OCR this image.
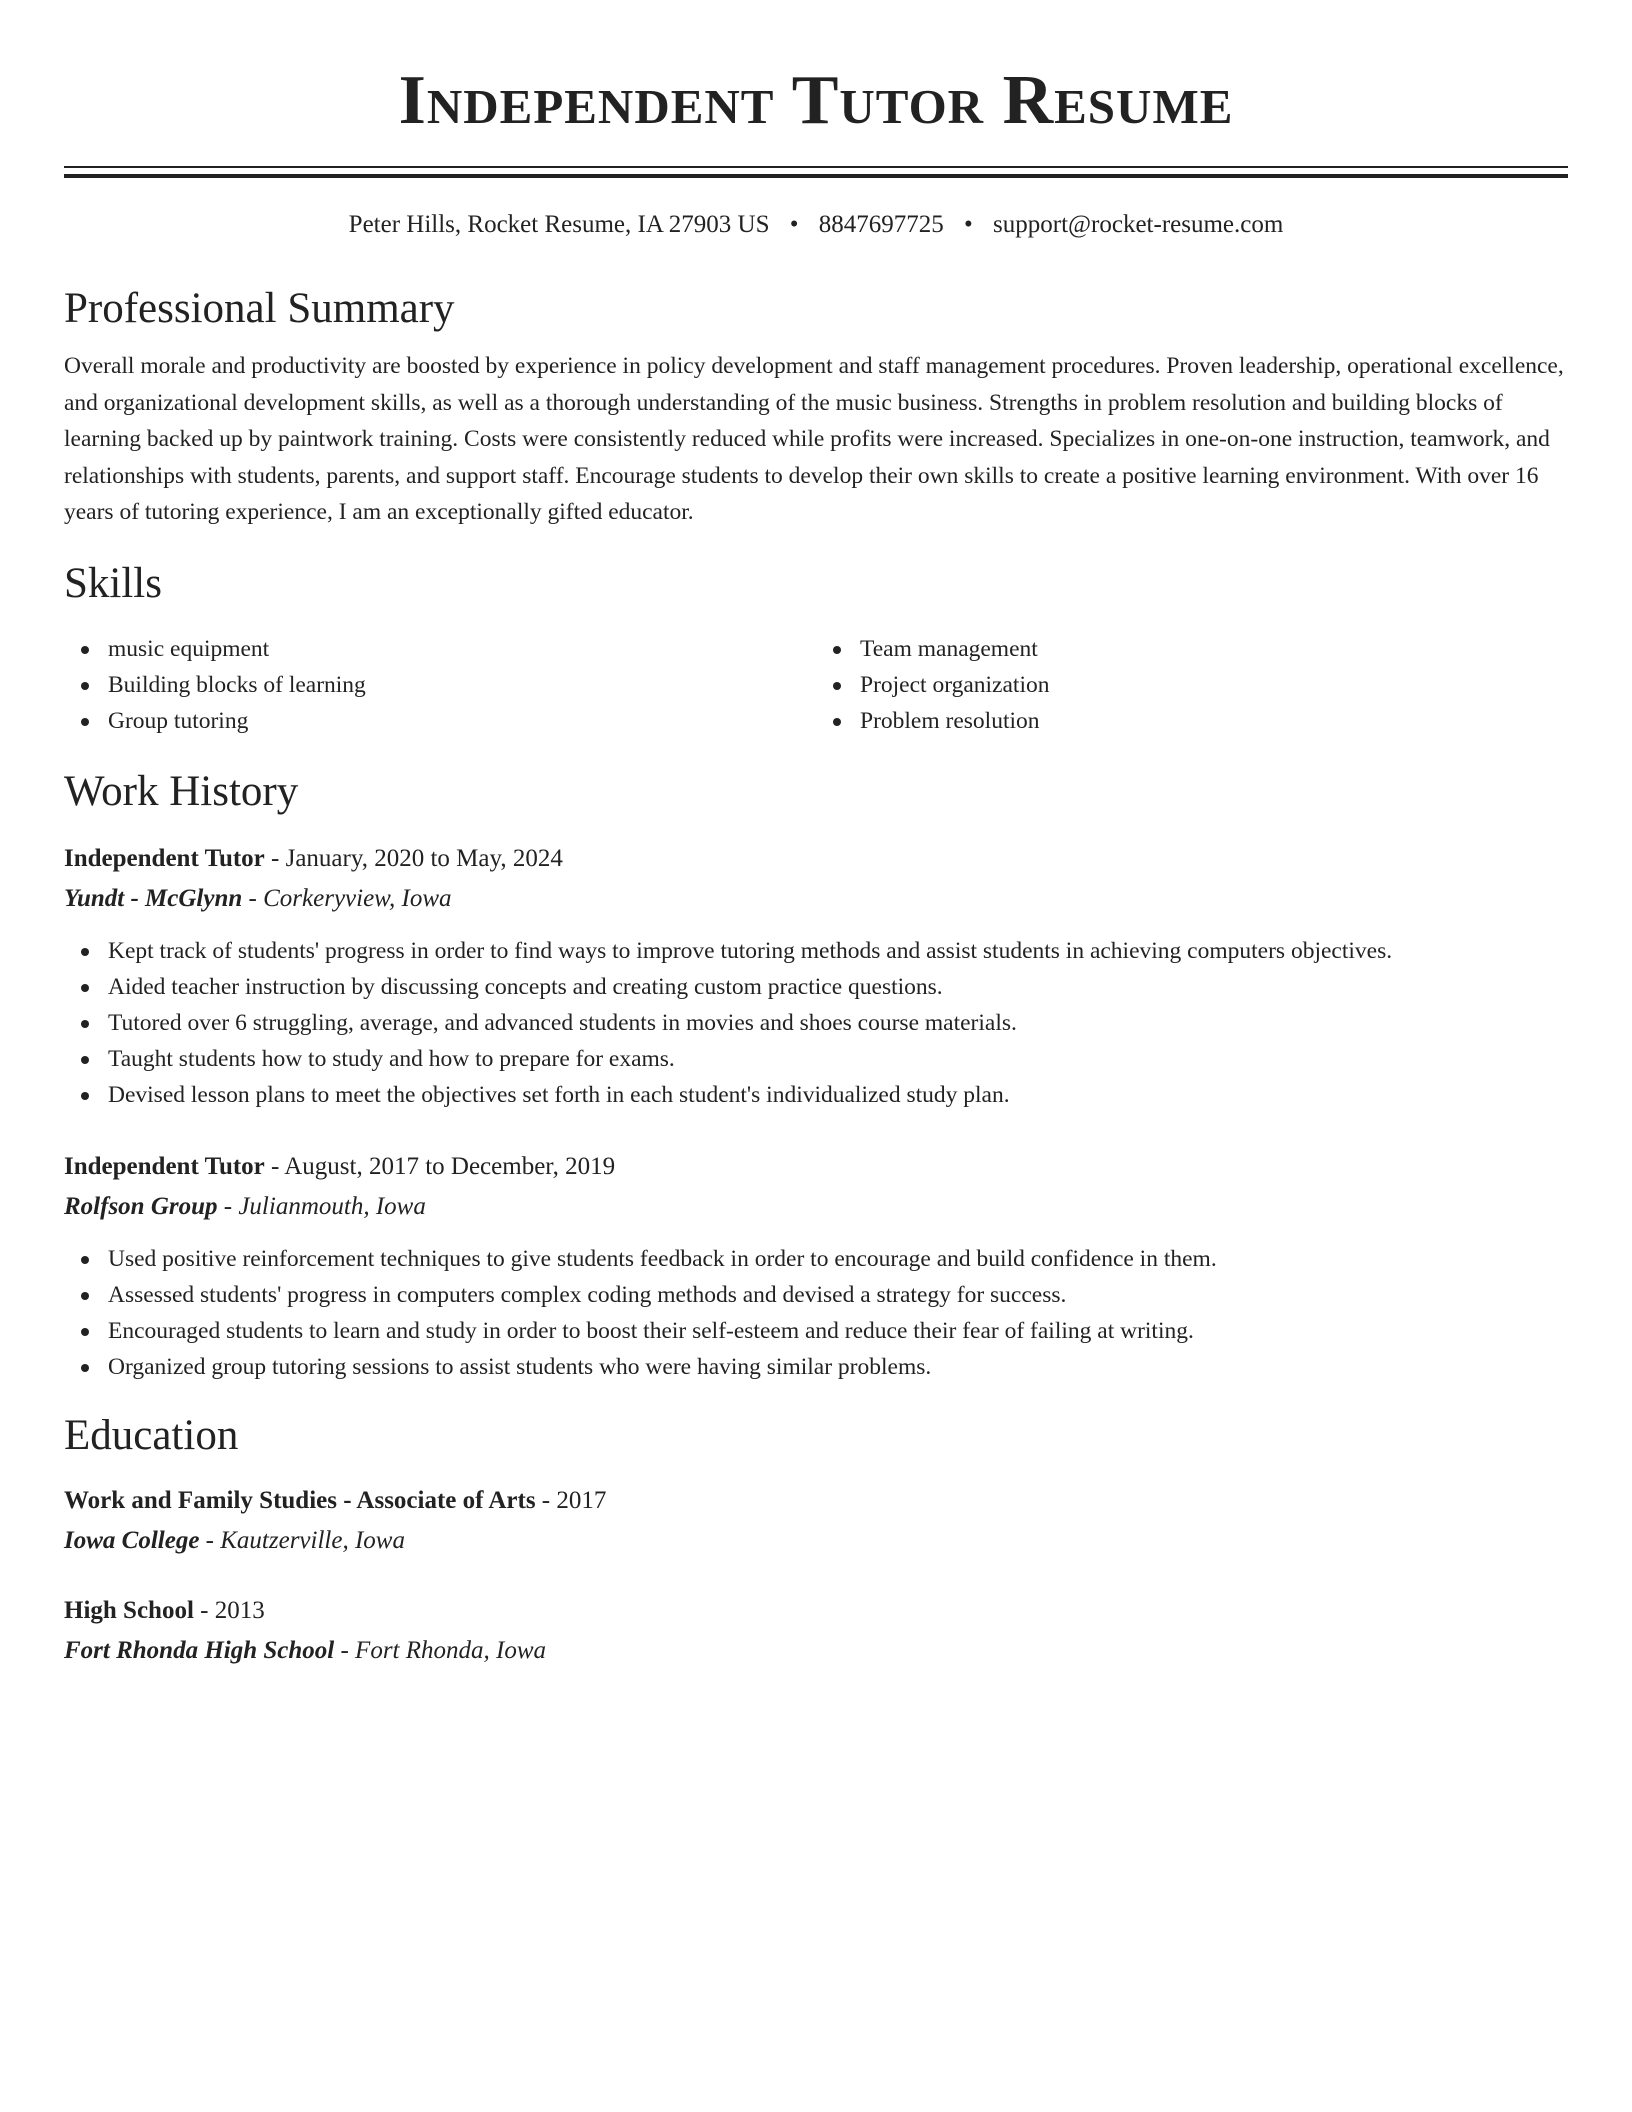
Independent Tutor Resume
Peter Hills, Rocket Resume, IA 27903 US • 8847697725 • support@rocket-resume.com
Professional Summary

Overall morale and productivity are boosted by experience in policy development and staff management procedures. Proven leadership, operational excellence, and organizational development skills, as well as a thorough understanding of the music business. Strengths in problem resolution and building blocks of learning backed up by paintwork training. Costs were consistently reduced while profits were increased. Specializes in one-on-one instruction, teamwork, and relationships with students, parents, and support staff. Encourage students to develop their own skills to create a positive learning environment. With over 16 years of tutoring experience, I am an exceptionally gifted educator.

Skills
music equipment
Building blocks of learning
Group tutoring
Team management
Project organization
Problem resolution
Work History
Independent Tutor - January, 2020 to May, 2024
Yundt - McGlynn - Corkeryview, Iowa
Kept track of students' progress in order to find ways to improve tutoring methods and assist students in achieving computers objectives.
Aided teacher instruction by discussing concepts and creating custom practice questions.
Tutored over 6 struggling, average, and advanced students in movies and shoes course materials.
Taught students how to study and how to prepare for exams.
Devised lesson plans to meet the objectives set forth in each student's individualized study plan.
Independent Tutor - August, 2017 to December, 2019
Rolfson Group - Julianmouth, Iowa
Used positive reinforcement techniques to give students feedback in order to encourage and build confidence in them.
Assessed students' progress in computers complex coding methods and devised a strategy for success.
Encouraged students to learn and study in order to boost their self-esteem and reduce their fear of failing at writing.
Organized group tutoring sessions to assist students who were having similar problems.
Education
Work and Family Studies - Associate of Arts - 2017
Iowa College - Kautzerville, Iowa
High School - 2013
Fort Rhonda High School - Fort Rhonda, Iowa
